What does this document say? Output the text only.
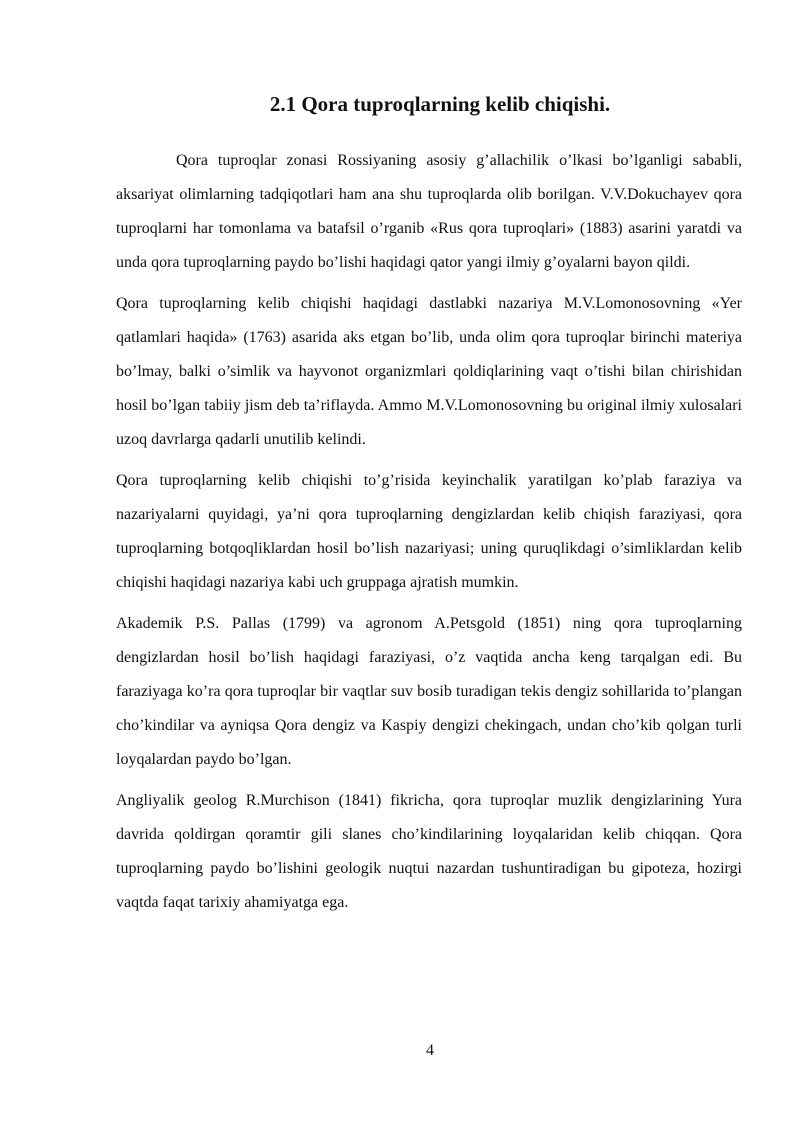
2.1 Qora tuproqlarning kelib chiqishi.

Qora tuproqlar zonasi Rossiyaning asosiy g’allachilik o’lkasi bo’lganligi sababli, aksariyat olimlarning tadqiqotlari ham ana shu tuproqlarda olib borilgan. V.V.Dokuchayev qora tuproqlarni har tomonlama va batafsil o’rganib «Rus qora tuproqlari» (1883) asarini yaratdi va unda qora tuproqlarning paydo bo’lishi haqidagi qator yangi ilmiy g’oyalarni bayon qildi.

Qora tuproqlarning kelib chiqishi haqidagi dastlabki nazariya M.V.Lomonosovning «Yer qatlamlari haqida» (1763) asarida aks etgan bo’lib, unda olim qora tuproqlar birinchi materiya bo’lmay, balki o’simlik va hayvonot organizmlari qoldiqlarining vaqt o’tishi bilan chirishidan hosil bo’lgan tabiiy jism deb ta’riflayda. Ammo M.V.Lomonosovning bu original ilmiy xulosalari uzoq davrlarga qadarli unutilib kelindi.

Qora tuproqlarning kelib chiqishi to’g’risida keyinchalik yaratilgan ko’plab faraziya va nazariyalarni quyidagi, ya’ni qora tuproqlarning dengizlardan kelib chiqish faraziyasi, qora tuproqlarning botqoqliklardan hosil bo’lish nazariyasi; uning quruqlikdagi o’simliklardan kelib chiqishi haqidagi nazariya kabi uch gruppaga ajratish mumkin.

Akademik P.S. Pallas (1799) va agronom A.Petsgold (1851) ning qora tuproqlarning dengizlardan hosil bo’lish haqidagi faraziyasi, o’z vaqtida ancha keng tarqalgan edi. Bu faraziyaga ko’ra qora tuproqlar bir vaqtlar suv bosib turadigan tekis dengiz sohillarida to’plangan cho’kindilar va ayniqsa Qora dengiz va Kaspiy dengizi chekingach, undan cho’kib qolgan turli loyqalardan paydo bo’lgan.

Angliyalik geolog R.Murchison (1841) fikricha, qora tuproqlar muzlik dengizlarining Yura davrida qoldirgan qoramtir gili slanes cho’kindilarining loyqalaridan kelib chiqqan. Qora tuproqlarning paydo bo’lishini geologik nuqtui nazardan tushuntiradigan bu gipoteza, hozirgi vaqtda faqat tarixiy ahamiyatga ega.

4
